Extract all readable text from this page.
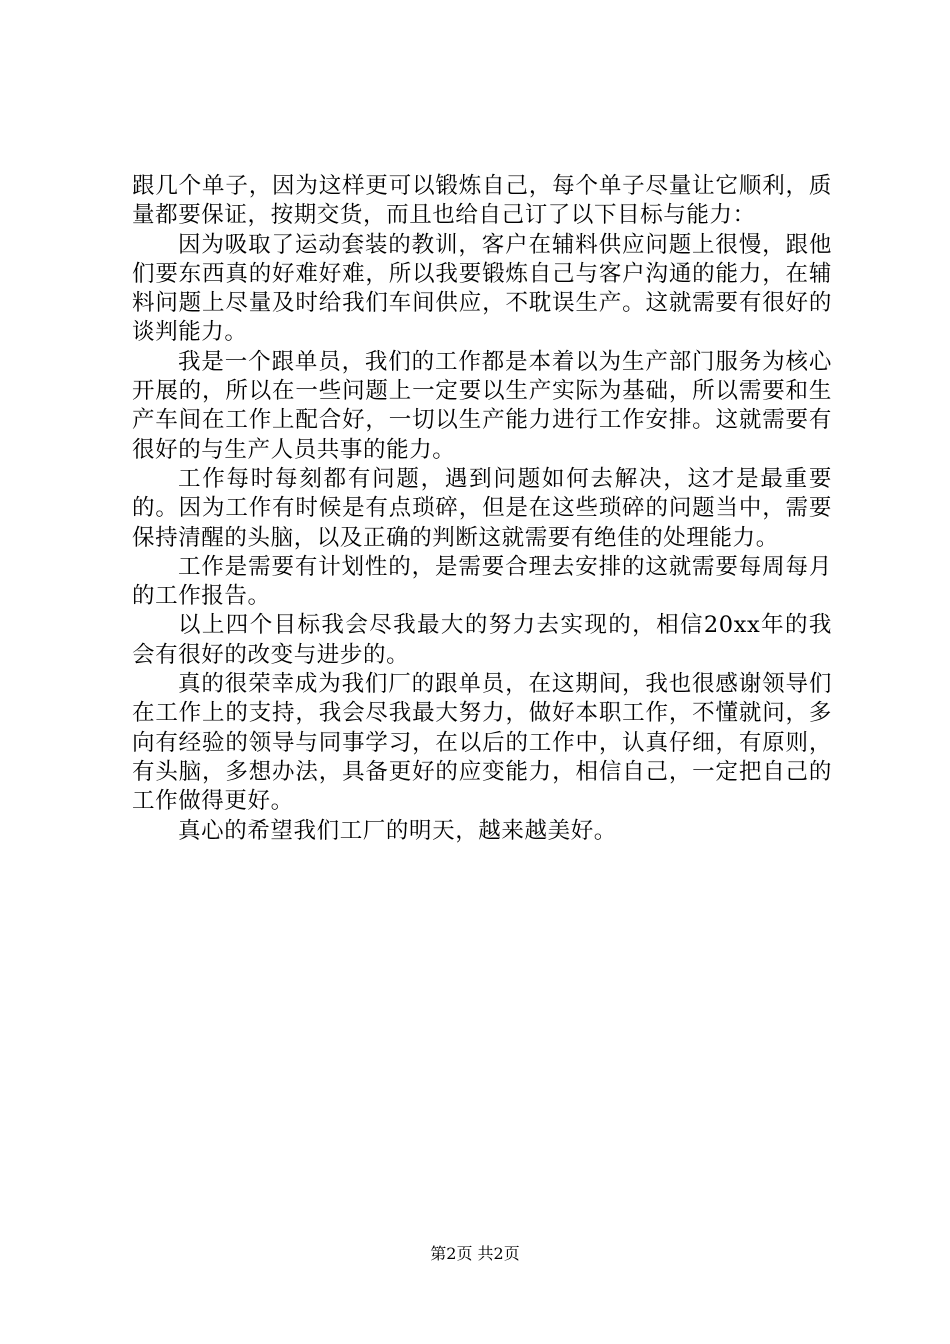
跟几个单子，因为这样更可以锻炼自己，每个单子尽量让它顺利，质量都要保证，按期交货，而且也给自己订了以下目标与能力：

因为吸取了运动套装的教训，客户在辅料供应问题上很慢，跟他们要东西真的好难好难，所以我要锻炼自己与客户沟通的能力，在辅料问题上尽量及时给我们车间供应，不耽误生产。这就需要有很好的谈判能力。

我是一个跟单员，我们的工作都是本着以为生产部门服务为核心开展的，所以在一些问题上一定要以生产实际为基础，所以需要和生产车间在工作上配合好，一切以生产能力进行工作安排。这就需要有很好的与生产人员共事的能力。

工作每时每刻都有问题，遇到问题如何去解决，这才是最重要的。因为工作有时候是有点琐碎，但是在这些琐碎的问题当中，需要保持清醒的头脑，以及正确的判断这就需要有绝佳的处理能力。

工作是需要有计划性的，是需要合理去安排的这就需要每周每月的工作报告。

以上四个目标我会尽我最大的努力去实现的，相信20xx年的我会有很好的改变与进步的。

真的很荣幸成为我们厂的跟单员，在这期间，我也很感谢领导们在工作上的支持，我会尽我最大努力，做好本职工作，不懂就问，多向有经验的领导与同事学习，在以后的工作中，认真仔细，有原则，有头脑，多想办法，具备更好的应变能力，相信自己，一定把自己的工作做得更好。

真心的希望我们工厂的明天，越来越美好。

第2页 共2页
